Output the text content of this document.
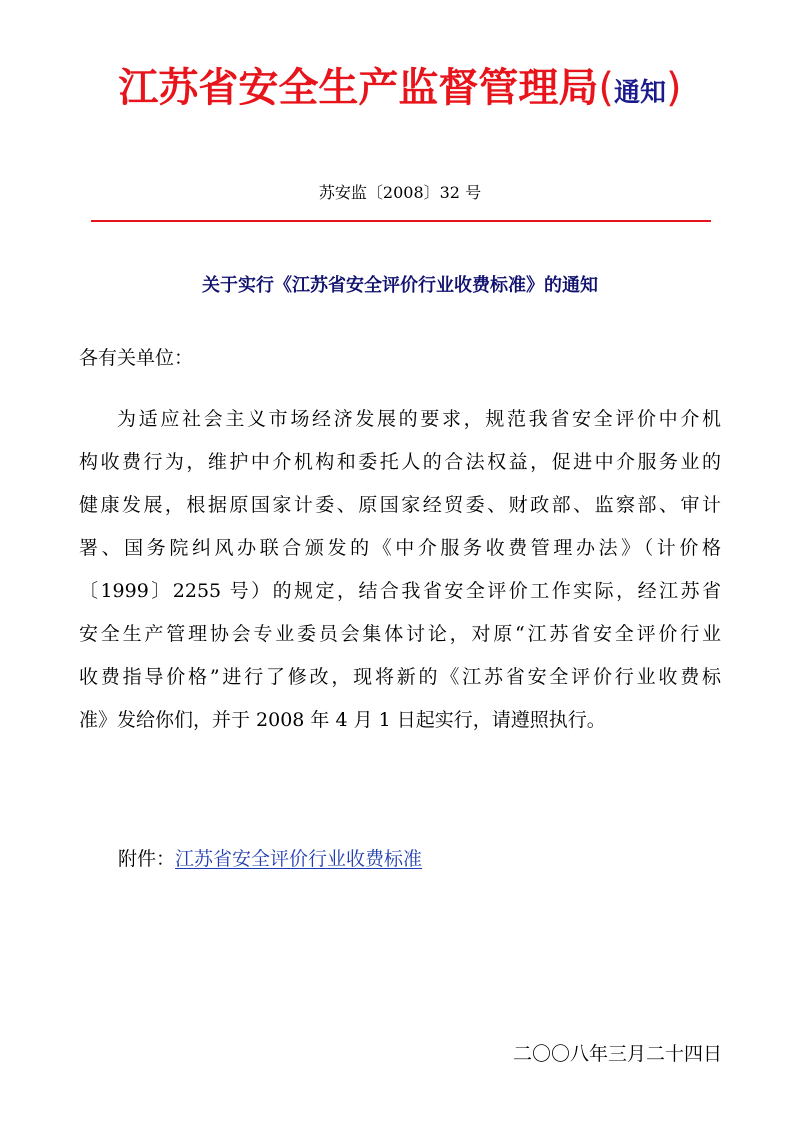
江苏省安全生产监督管理局(通知)
苏安监〔2008〕32 号
关于实行《江苏省安全评价行业收费标准》的通知
各有关单位：
为适应社会主义市场经济发展的要求，规范我省安全评价中介机
构收费行为，维护中介机构和委托人的合法权益，促进中介服务业的
健康发展，根据原国家计委、原国家经贸委、财政部、监察部、审计
署、国务院纠风办联合颁发的《中介服务收费管理办法》（计价格
〔1999〕2255 号）的规定，结合我省安全评价工作实际，经江苏省
安全生产管理协会专业委员会集体讨论，对原“江苏省安全评价行业
收费指导价格”进行了修改，现将新的《江苏省安全评价行业收费标
准》发给你们，并于 2008 年 4 月 1 日起实行，请遵照执行。
附件：江苏省安全评价行业收费标准
二〇〇八年三月二十四日
